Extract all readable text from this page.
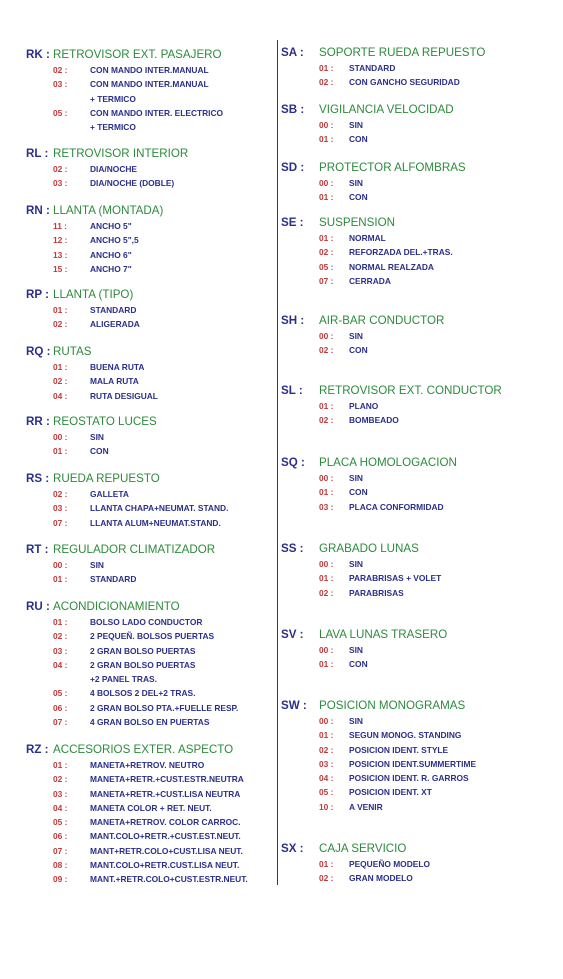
RK : RETROVISOR EXT. PASAJERO
02 :	CON MANDO INTER.MANUAL
03 :	CON MANDO INTER.MANUAL
+ TERMICO
05 :	CON MANDO INTER. ELECTRICO
+ TERMICO
RL : RETROVISOR INTERIOR
02 :	DIA/NOCHE
03 :	DIA/NOCHE (DOBLE)
RN : LLANTA (MONTADA)
11 :	ANCHO 5"
12 :	ANCHO 5",5
13 :	ANCHO 6"
15 :	ANCHO 7"
RP : LLANTA (TIPO)
01 :	STANDARD
02 :	ALIGERADA
RQ : RUTAS
01 :	BUENA RUTA
02 :	MALA RUTA
04 :	RUTA DESIGUAL
RR : REOSTATO LUCES
00 :	SIN
01 :	CON
RS : RUEDA REPUESTO
02 :	GALLETA
03 :	LLANTA CHAPA+NEUMAT. STAND.
07 :	LLANTA ALUM+NEUMAT.STAND.
RT : REGULADOR CLIMATIZADOR
00 :	SIN
01 :	STANDARD
RU : ACONDICIONAMIENTO
01 :	BOLSO LADO CONDUCTOR
02 :	2 PEQUEÑ. BOLSOS PUERTAS
03 :	2 GRAN BOLSO PUERTAS
04 :	2 GRAN BOLSO PUERTAS
+2 PANEL TRAS.
05 :	4 BOLSOS 2 DEL+2 TRAS.
06 :	2 GRAN BOLSO PTA.+FUELLE RESP.
07 :	4 GRAN BOLSO EN PUERTAS
RZ : ACCESORIOS EXTER. ASPECTO
01 :	MANETA+RETROV. NEUTRO
02 :	MANETA+RETR.+CUST.ESTR.NEUTRA
03 :	MANETA+RETR.+CUST.LISA NEUTRA
04 :	MANETA COLOR + RET. NEUT.
05 :	MANETA+RETROV. COLOR CARROC.
06 :	MANT.COLO+RETR.+CUST.EST.NEUT.
07 :	MANT+RETR.COLO+CUST.LISA NEUT.
08 :	MANT.COLO+RETR.CUST.LISA NEUT.
09 :	MANT.+RETR.COLO+CUST.ESTR.NEUT.
SA : SOPORTE RUEDA REPUESTO
01 : STANDARD
02 : CON GANCHO SEGURIDAD
SB : VIGILANCIA VELOCIDAD
00 : SIN
01 : CON
SD : PROTECTOR ALFOMBRAS
00 : SIN
01 : CON
SE : SUSPENSION
01 : NORMAL
02 : REFORZADA DEL.+TRAS.
05 : NORMAL REALZADA
07 : CERRADA
SH : AIR-BAR CONDUCTOR
00 : SIN
02 : CON
SL : RETROVISOR EXT. CONDUCTOR
01 : PLANO
02 : BOMBEADO
SQ : PLACA HOMOLOGACION
00 : SIN
01 : CON
03 : PLACA CONFORMIDAD
SS : GRABADO LUNAS
00 : SIN
01 : PARABRISAS + VOLET
02 : PARABRISAS
SV : LAVA LUNAS TRASERO
00 : SIN
01 : CON
SW : POSICION MONOGRAMAS
00 : SIN
01 : SEGUN MONOG. STANDING
02 : POSICION IDENT. STYLE
03 : POSICION IDENT.SUMMERTIME
04 : POSICION IDENT. R. GARROS
05 : POSICION IDENT. XT
10 : A VENIR
SX : CAJA SERVICIO
01 : PEQUEÑO MODELO
02 : GRAN MODELO
